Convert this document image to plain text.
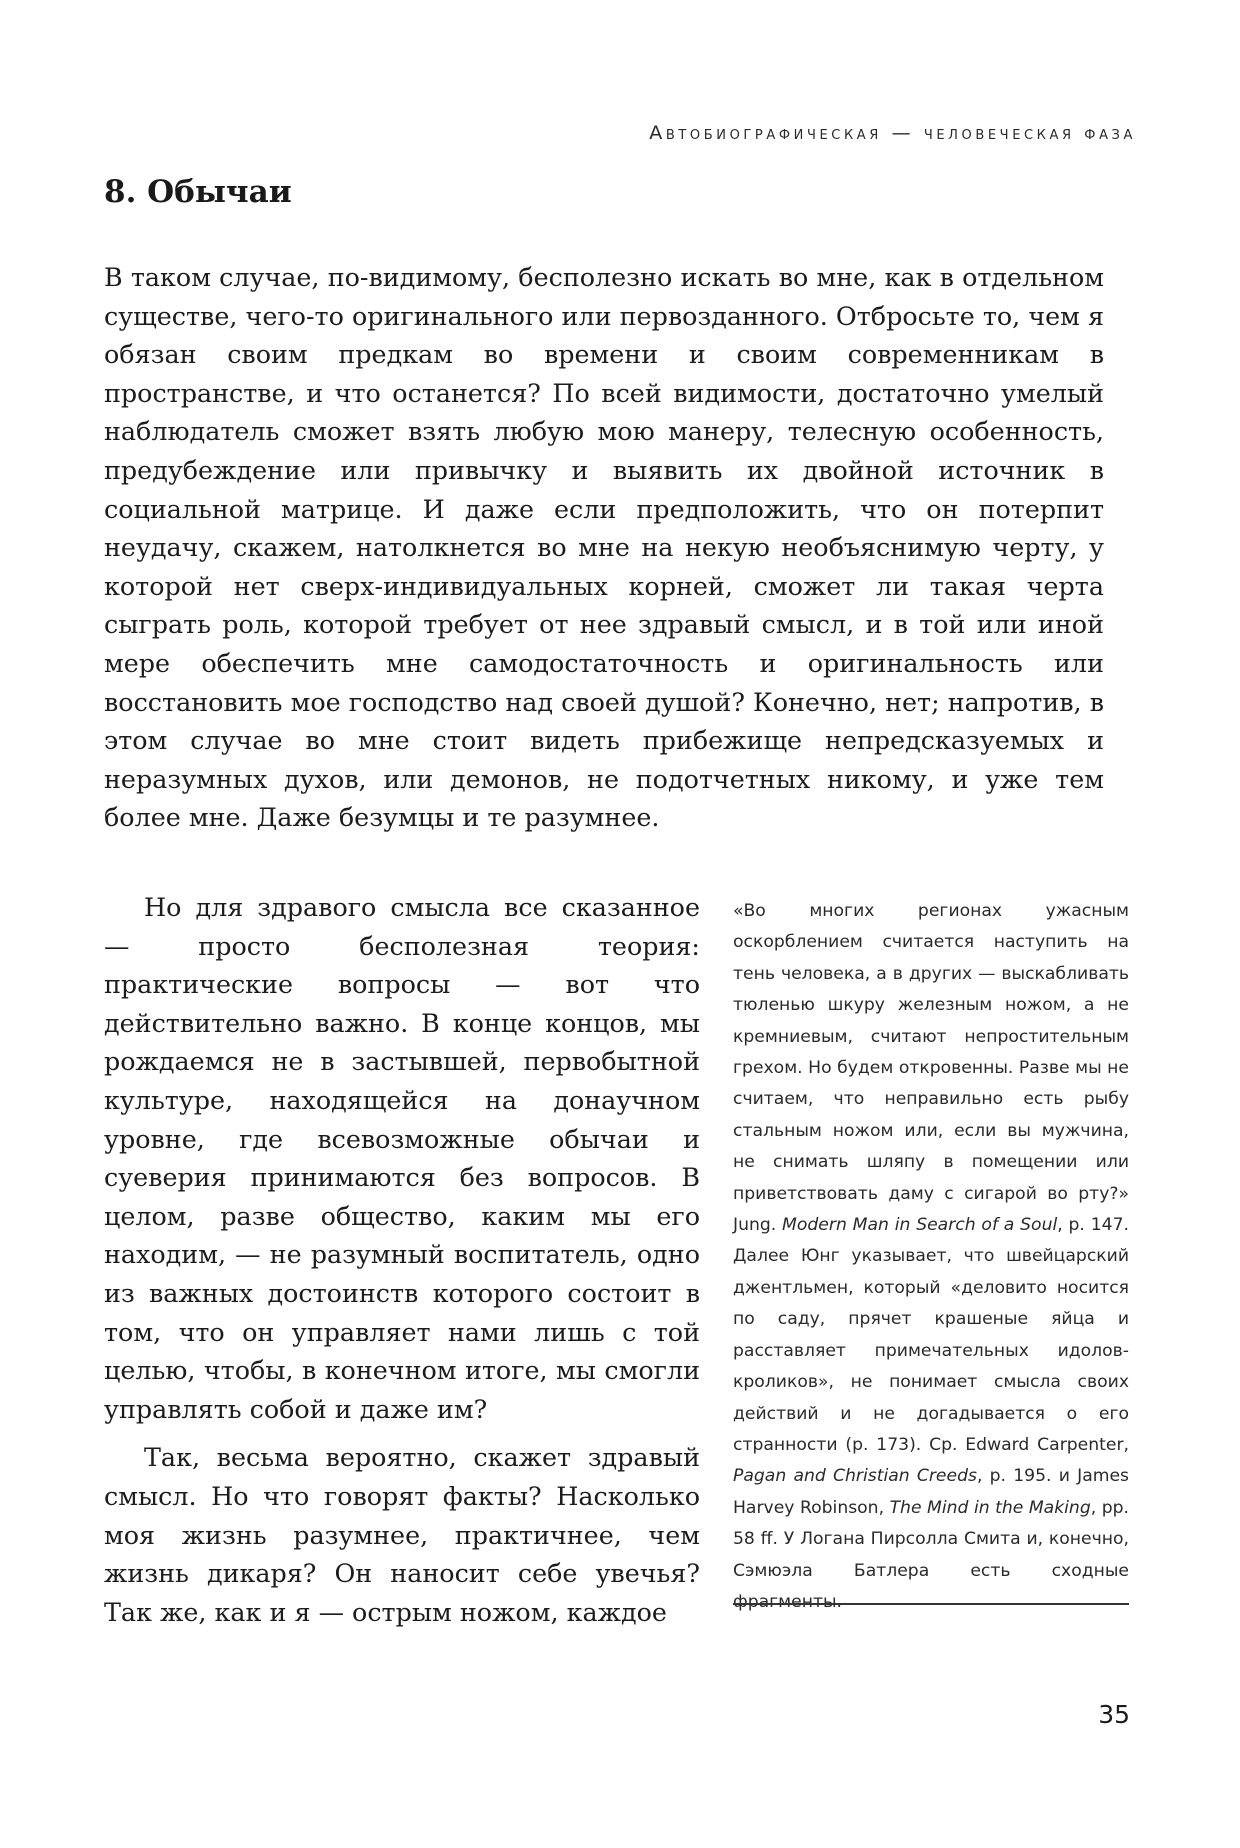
Автобиографическая — человеческая фаза
8. Обычаи

В таком случае, по-видимому, бесполезно искать во мне, как в отдельном существе, чего-то оригинального или первозданного. Отбросьте то, чем я обязан своим предкам во времени и своим современникам в пространстве, и что останется? По всей видимости, достаточно умелый наблюдатель сможет взять любую мою манеру, телесную особенность, предубеждение или привычку и выявить их двойной источник в социальной матрице. И даже если предположить, что он потерпит неудачу, скажем, натолкнется во мне на некую необъяснимую черту, у которой нет сверх-индивидуальных корней, сможет ли такая черта сыграть роль, которой требует от нее здравый смысл, и в той или иной мере обеспечить мне самодостаточность и оригинальность или восстановить мое господство над своей душой? Конечно, нет; напротив, в этом случае во мне стоит видеть прибежище непредсказуемых и неразумных духов, или демонов, не подотчетных никому, и уже тем более мне. Даже безумцы и те разумнее.

Но для здравого смысла все сказанное — просто бесполезная теория: практические вопросы — вот что действительно важно. В конце концов, мы рождаемся не в застывшей, первобытной культуре, находящейся на донаучном уровне, где всевозможные обычаи и суеверия принимаются без вопросов. В целом, разве общество, каким мы его находим, — не разумный воспитатель, одно из важных достоинств которого состоит в том, что он управляет нами лишь с той целью, чтобы, в конечном итоге, мы смогли управлять собой и даже им?

Так, весьма вероятно, скажет здравый смысл. Но что говорят факты? Насколько моя жизнь разумнее, практичнее, чем жизнь дикаря? Он наносит себе увечья? Так же, как и я — острым ножом, каждое

«Во многих регионах ужасным оскорблением считается наступить на тень человека, а в других — выскабливать тюленью шкуру железным ножом, а не кремниевым, считают непростительным грехом. Но будем откровенны. Разве мы не считаем, что неправильно есть рыбу стальным ножом или, если вы мужчина, не снимать шляпу в помещении или приветствовать даму с сигарой во рту?» Jung. Modern Man in Search of a Soul, p. 147. Далее Юнг указывает, что швейцарский джентльмен, который «деловито носится по саду, прячет крашеные яйца и расставляет примечательных идолов-кроликов», не понимает смысла своих действий и не догадывается о его странности (p. 173). Ср. Edward Carpenter, Pagan and Christian Creeds, p. 195. и James Harvey Robinson, The Mind in the Making, pp. 58 ff. У Логана Пирсолла Смита и, конечно, Сэмюэла Батлера есть сходные фрагменты.

35
